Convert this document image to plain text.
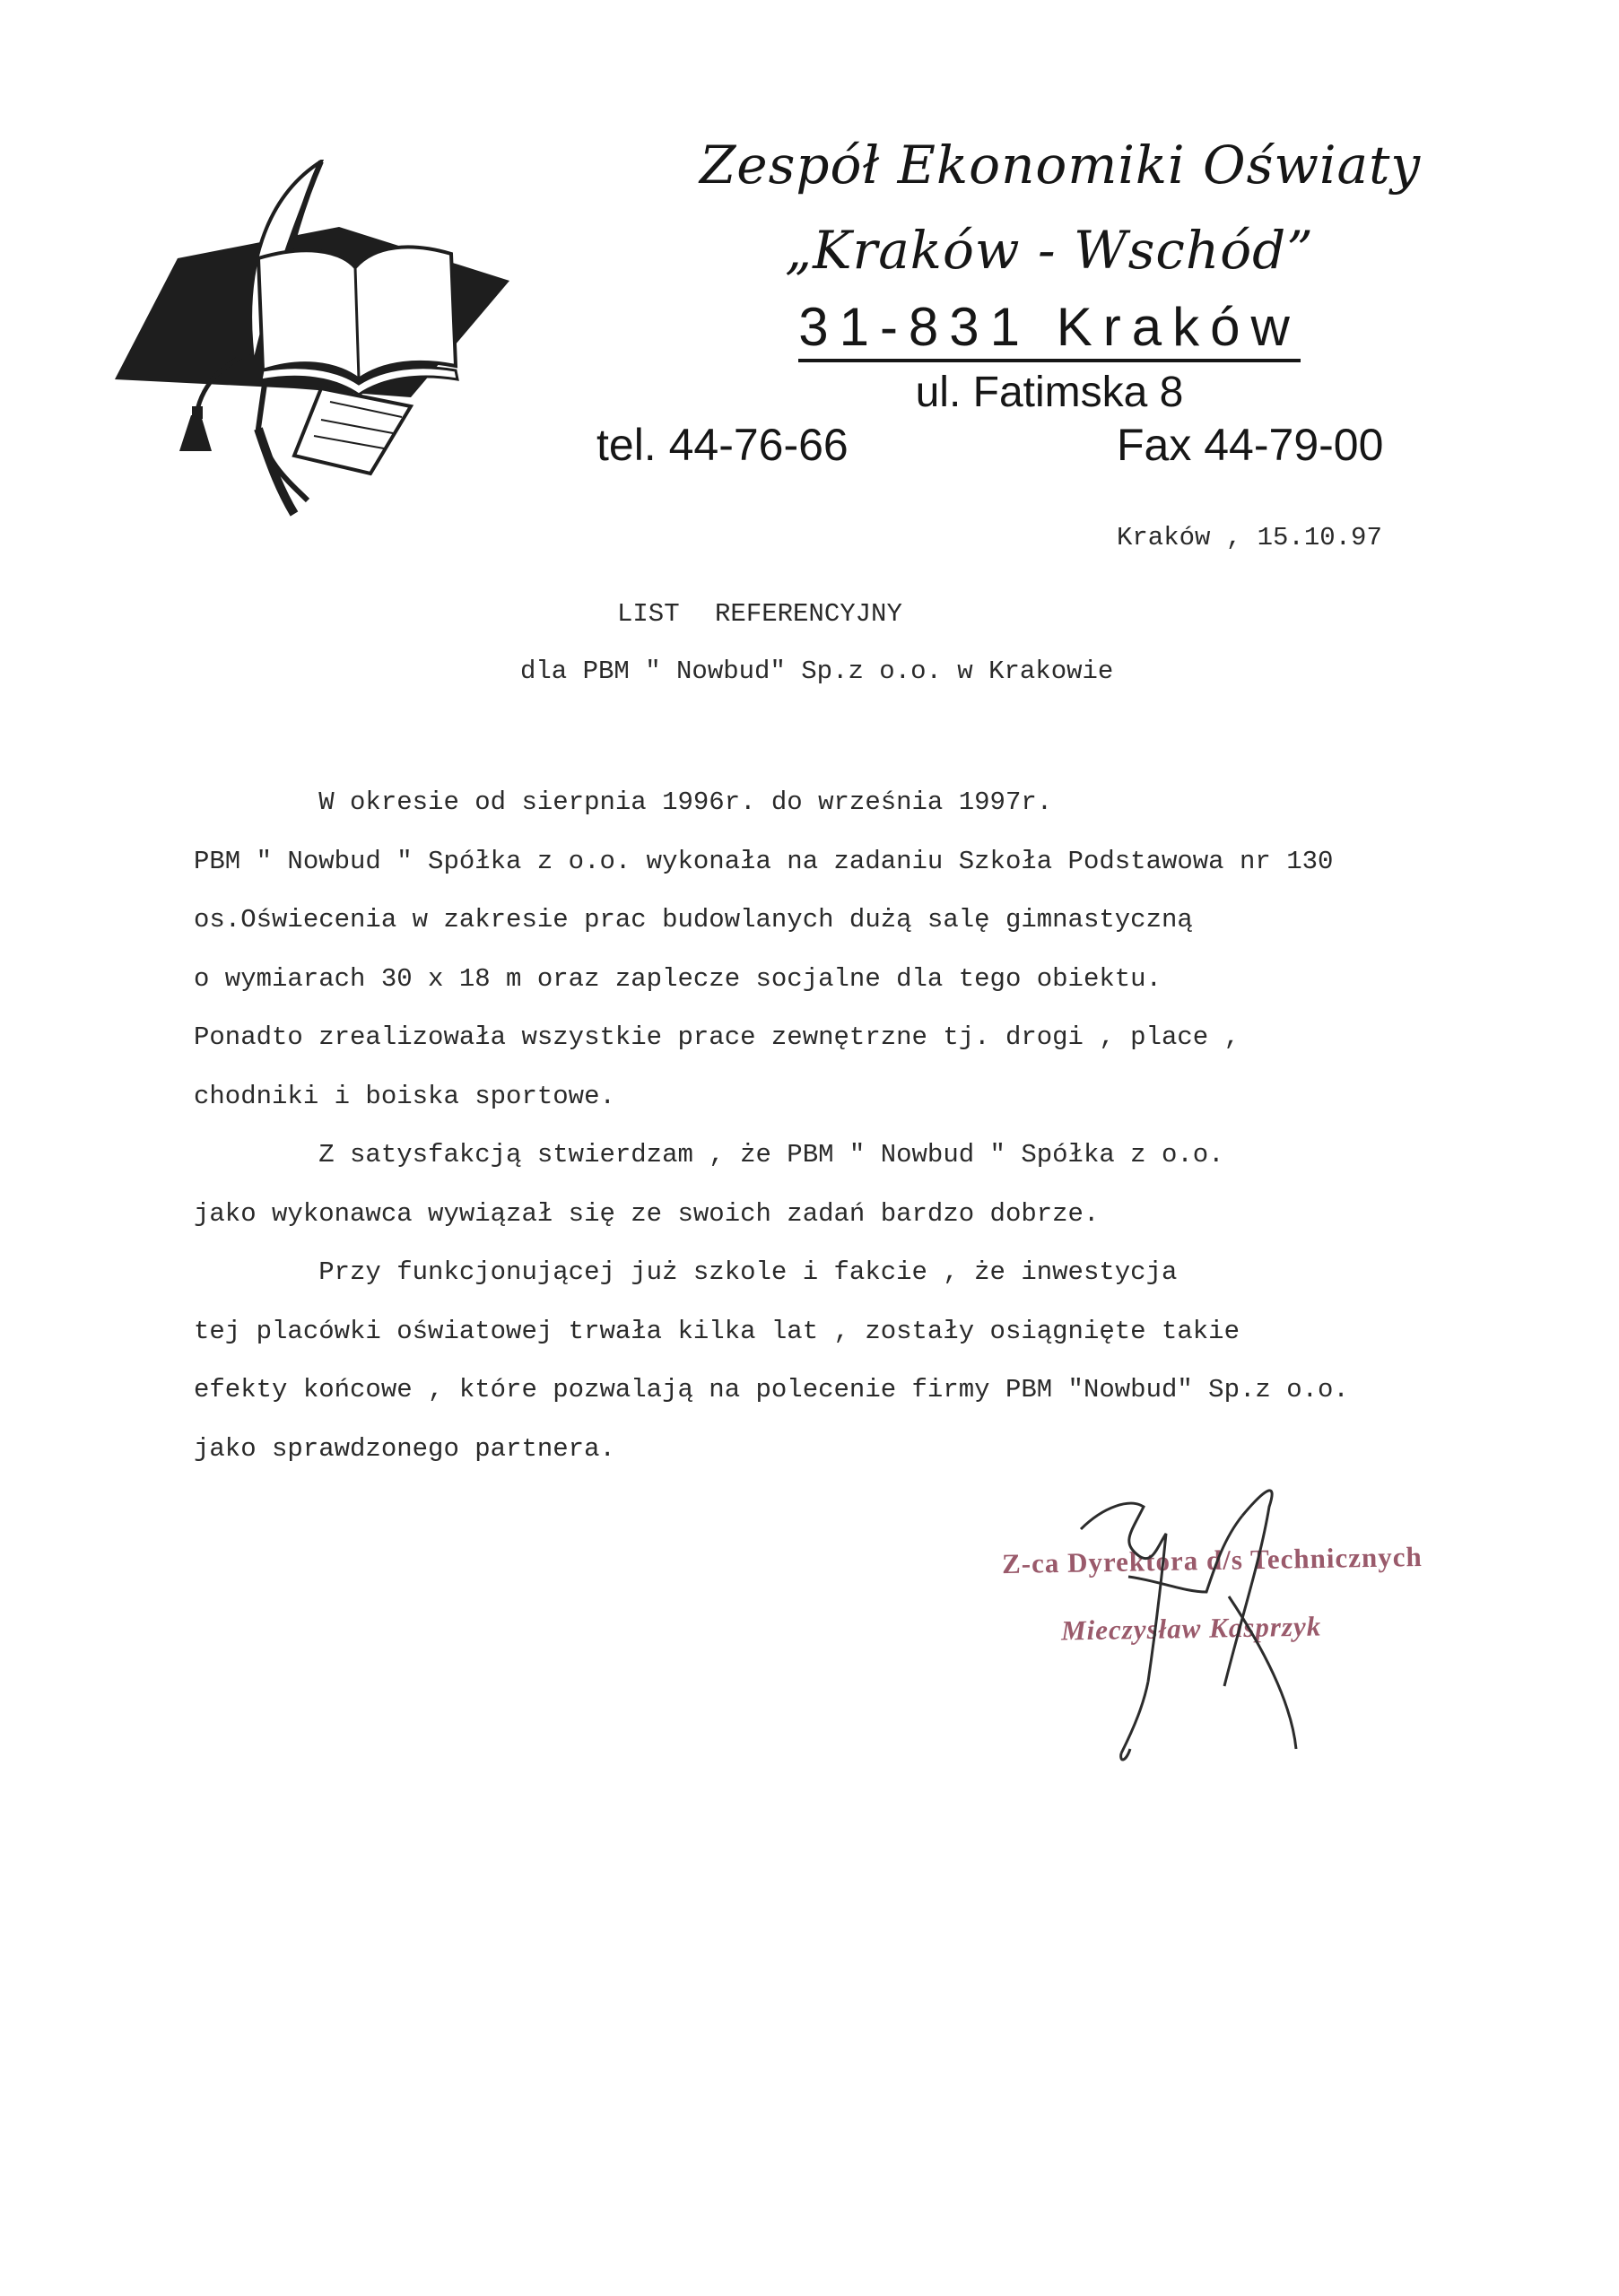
Zespół Ekonomiki Oświaty

„Kraków - Wschód”

31-831 Kraków

ul. Fatimska 8

tel. 44-76-66	Fax 44-79-00

Kraków , 15.10.97

LIST REFERENCYJNY

dla PBM " Nowbud" Sp.z o.o. w Krakowie

W okresie od sierpnia 1996r. do września 1997r.
PBM " Nowbud " Spółka z o.o. wykonała na zadaniu Szkoła Podstawowa nr 130
os.Oświecenia w zakresie prac budowlanych dużą salę gimnastyczną
o wymiarach 30 x 18 m oraz zaplecze socjalne dla tego obiektu.
Ponadto zrealizowała wszystkie prace zewnętrzne tj. drogi , place ,
chodniki i boiska sportowe.
Z satysfakcją stwierdzam , że PBM " Nowbud " Spółka z o.o.
jako wykonawca wywiązał się ze swoich zadań bardzo dobrze.
Przy funkcjonującej już szkole i fakcie , że inwestycja
tej placówki oświatowej trwała kilka lat , zostały osiągnięte takie
efekty końcowe , które pozwalają na polecenie firmy PBM "Nowbud" Sp.z o.o.
jako sprawdzonego partnera.

Z-ca Dyrektora d/s Technicznych

Mieczysław Kasprzyk
